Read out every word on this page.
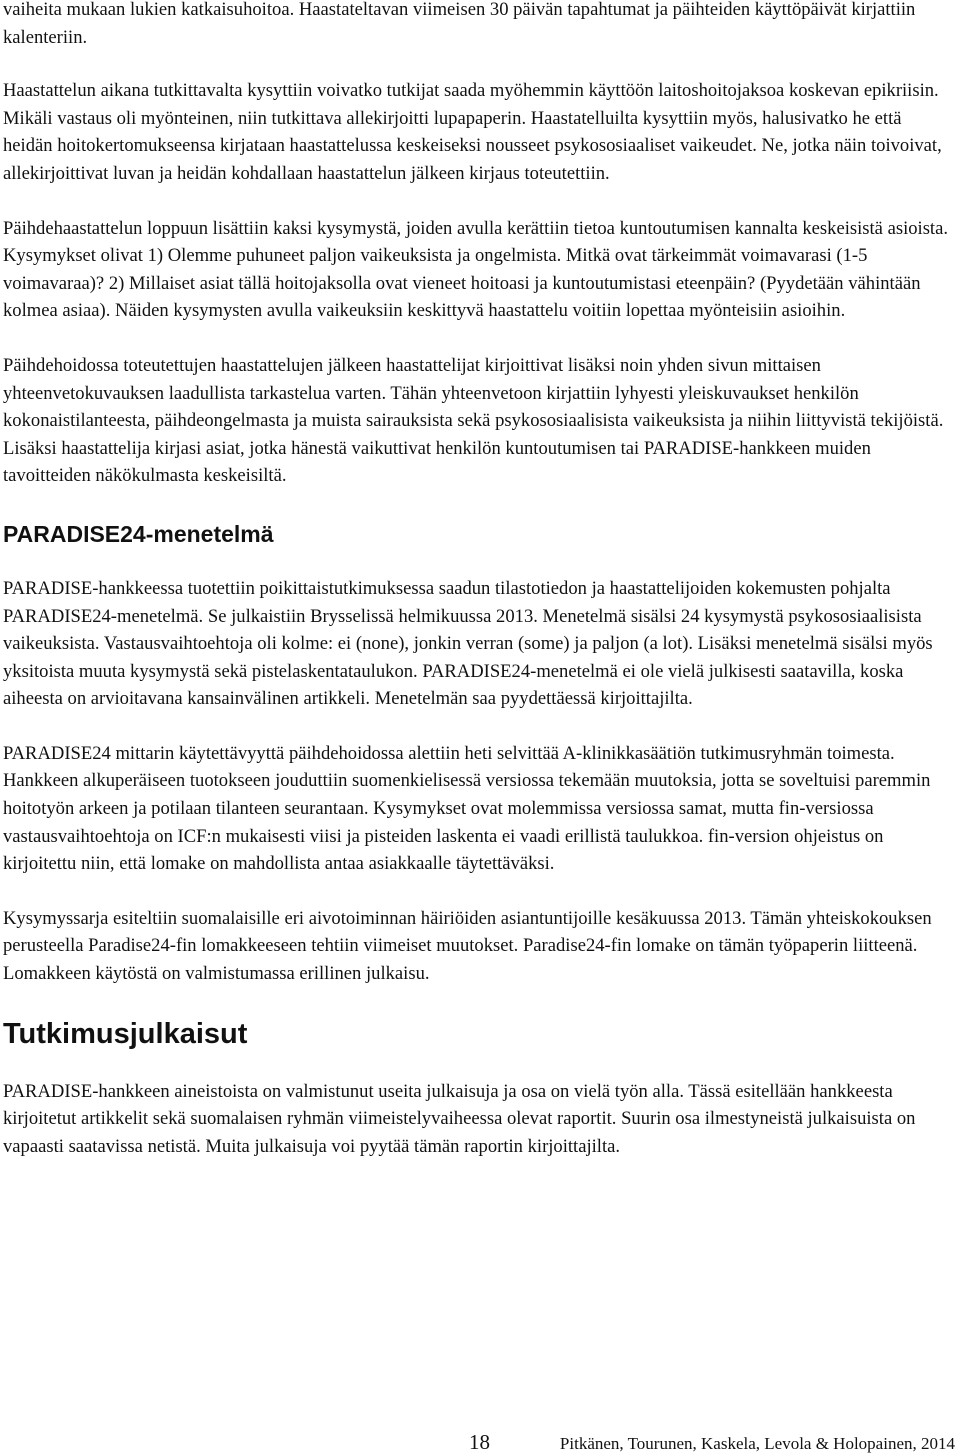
vaiheita mukaan lukien katkaisuhoitoa. Haastateltavan viimeisen 30 päivän tapahtumat ja päihteiden käyttöpäivät kirjattiin kalenteriin.

Haastattelun aikana tutkittavalta kysyttiin voivatko tutkijat saada myöhemmin käyttöön laitoshoitojaksoa koskevan epikriisin. Mikäli vastaus oli myönteinen, niin tutkittava allekirjoitti lupapaperin. Haastatelluilta kysyttiin myös, halusivatko he että heidän hoitokertomukseensa kirjataan haastattelussa keskeiseksi nousseet psykososiaaliset vaikeudet. Ne, jotka näin toivoivat, allekirjoittivat luvan ja heidän kohdallaan haastattelun jälkeen kirjaus toteutettiin.

Päihdehaastattelun loppuun lisättiin kaksi kysymystä, joiden avulla kerättiin tietoa kuntoutumisen kannalta keskeisistä asioista. Kysymykset olivat 1) Olemme puhuneet paljon vaikeuksista ja ongelmista. Mitkä ovat tärkeimmät voimavarasi (1-5 voimavaraa)? 2) Millaiset asiat tällä hoitojaksolla ovat vieneet hoitoasi ja kuntoutumistasi eteenpäin? (Pyydetään vähintään kolmea asiaa). Näiden kysymysten avulla vaikeuksiin keskittyvä haastattelu voitiin lopettaa myönteisiin asioihin.

Päihdehoidossa toteutettujen haastattelujen jälkeen haastattelijat kirjoittivat lisäksi noin yhden sivun mittaisen yhteenvetokuvauksen laadullista tarkastelua varten. Tähän yhteenvetoon kirjattiin lyhyesti yleiskuvaukset henkilön kokonaistilanteesta, päihdeongelmasta ja muista sairauksista sekä psykososiaalisista vaikeuksista ja niihin liittyvistä tekijöistä. Lisäksi haastattelija kirjasi asiat, jotka hänestä vaikuttivat henkilön kuntoutumisen tai PARADISE-hankkeen muiden tavoitteiden näkökulmasta keskeisiltä.

PARADISE24-menetelmä

PARADISE-hankkeessa tuotettiin poikittaistutkimuksessa saadun tilastotiedon ja haastattelijoiden kokemusten pohjalta PARADISE24-menetelmä. Se julkaistiin Brysselissä helmikuussa 2013. Menetelmä sisälsi 24 kysymystä psykososiaalisista vaikeuksista. Vastausvaihtoehtoja oli kolme: ei (none), jonkin verran (some) ja paljon (a lot). Lisäksi menetelmä sisälsi myös yksitoista muuta kysymystä sekä pistelaskentataulukon. PARADISE24-menetelmä ei ole vielä julkisesti saatavilla, koska aiheesta on arvioitavana kansainvälinen artikkeli. Menetelmän saa pyydettäessä kirjoittajilta.

PARADISE24 mittarin käytettävyyttä päihdehoidossa alettiin heti selvittää A-klinikkasäätiön tutkimusryhmän toimesta. Hankkeen alkuperäiseen tuotokseen jouduttiin suomenkielisessä versiossa tekemään muutoksia, jotta se soveltuisi paremmin hoitotyön arkeen ja potilaan tilanteen seurantaan. Kysymykset ovat molemmissa versiossa samat, mutta fin-versiossa vastausvaihtoehtoja on ICF:n mukaisesti viisi ja pisteiden laskenta ei vaadi erillistä taulukkoa. fin-version ohjeistus on kirjoitettu niin, että lomake on mahdollista antaa asiakkaalle täytettäväksi.

Kysymyssarja esiteltiin suomalaisille eri aivotoiminnan häiriöiden asiantuntijoille kesäkuussa 2013. Tämän yhteiskokouksen perusteella Paradise24-fin lomakkeeseen tehtiin viimeiset muutokset. Paradise24-fin lomake on tämän työpaperin liitteenä. Lomakkeen käytöstä on valmistumassa erillinen julkaisu.

Tutkimusjulkaisut

PARADISE-hankkeen aineistoista on valmistunut useita julkaisuja ja osa on vielä työn alla. Tässä esitellään hankkeesta kirjoitetut artikkelit sekä suomalaisen ryhmän viimeistelyvaiheessa olevat raportit. Suurin osa ilmestyneistä julkaisuista on vapaasti saatavissa netistä. Muita julkaisuja voi pyytää tämän raportin kirjoittajilta.

18	Pitkänen, Tourunen, Kaskela, Levola & Holopainen, 2014
